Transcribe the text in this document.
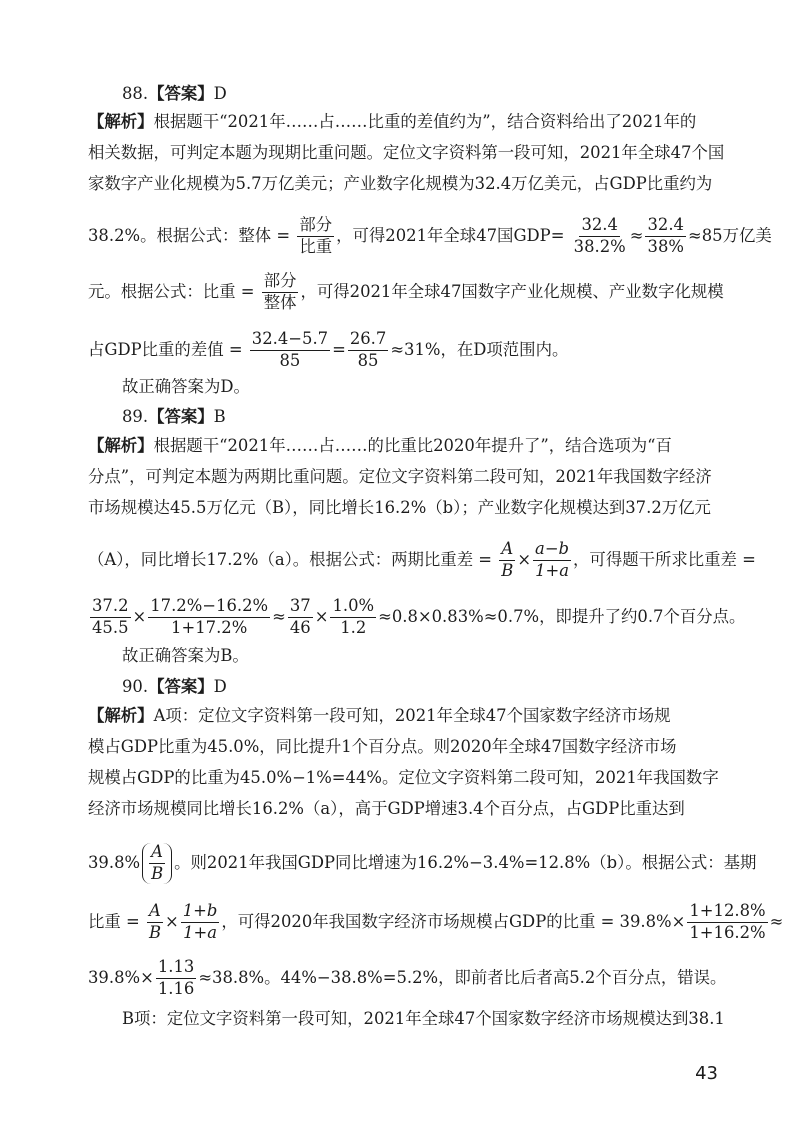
88.【答案】D
【解析】根据题干“2021年……占……比重的差值约为”，结合资料给出了2021年的
相关数据，可判定本题为现期比重问题。定位文字资料第一段可知，2021年全球47个国
家数字产业化规模为5.7万亿美元；产业数字化规模为32.4万亿美元，占GDP比重约为
38.2%。根据公式：整体 = $\frac{\text{部分}}{\text{比重}}$ ，可得2021年全球47国$GDP= \frac{32.4}{38.2\%} \approx \frac{32.4}{38\%} \approx 85$万亿美
元。根据公式：比重 = $\frac{\text{部分}}{\text{整体}}$ ，可得2021年全球47国数字产业化规模、产业数字化规模
占GDP比重的差值 = $\frac{32.4-5.7}{85} = \frac{26.7}{85} \approx 31\%$，在D项范围内。
故正确答案为D。
89.【答案】B
【解析】根据题干“2021年……占……的比重比2020年提升了”，结合选项为“百
分点”，可判定本题为两期比重问题。定位文字资料第二段可知，2021年我国数字经济
市场规模达45.5万亿元（B），同比增长16.2%（b）；产业数字化规模达到37.2万亿元
（A），同比增长17.2%（a）。根据公式：两期比重差 = $\frac{A}{B} \times \frac{a-b}{1+a}$ ，可得题干所求比重差 =
$\frac{37.2}{45.5} \times \frac{17.2\%-16.2\%}{1+17.2\%} \approx \frac{37}{46} \times \frac{1.0\%}{1.2} \approx 0.8\times 0.83\%\approx 0.7\%$，即提升了约0.7个百分点。
故正确答案为B。
90.【答案】D
【解析】A项：定位文字资料第一段可知，2021年全球47个国家数字经济市场规
模占GDP比重为45.0%，同比提升1个百分点。则2020年全球47国数字经济市场
规模占GDP的比重为45.0%−1%=44%。定位文字资料第二段可知，2021年我国数字
经济市场规模同比增长16.2%（a），高于GDP增速3.4个百分点，占GDP比重达到
$39.8\% \frac{A}{B}$ 。则2021年我国GDP同比增速为16.2%−3.4%=12.8%（b）。根据公式：基期
比重 = $\frac{A}{B} \times \frac{1+b}{1+a}$ ，可得2020年我国数字经济市场规模占GDP的比重 = $39.8\%\times \frac{1+12.8\%}{1+16.2\%}$ ≈
$39.8\%\times \frac{1.13}{1.16} \approx 38.8\%$。44%−38.8%=5.2%，即前者比后者高5.2个百分点，错误。
B项：定位文字资料第一段可知，2021年全球47个国家数字经济市场规模达到38.1
43
